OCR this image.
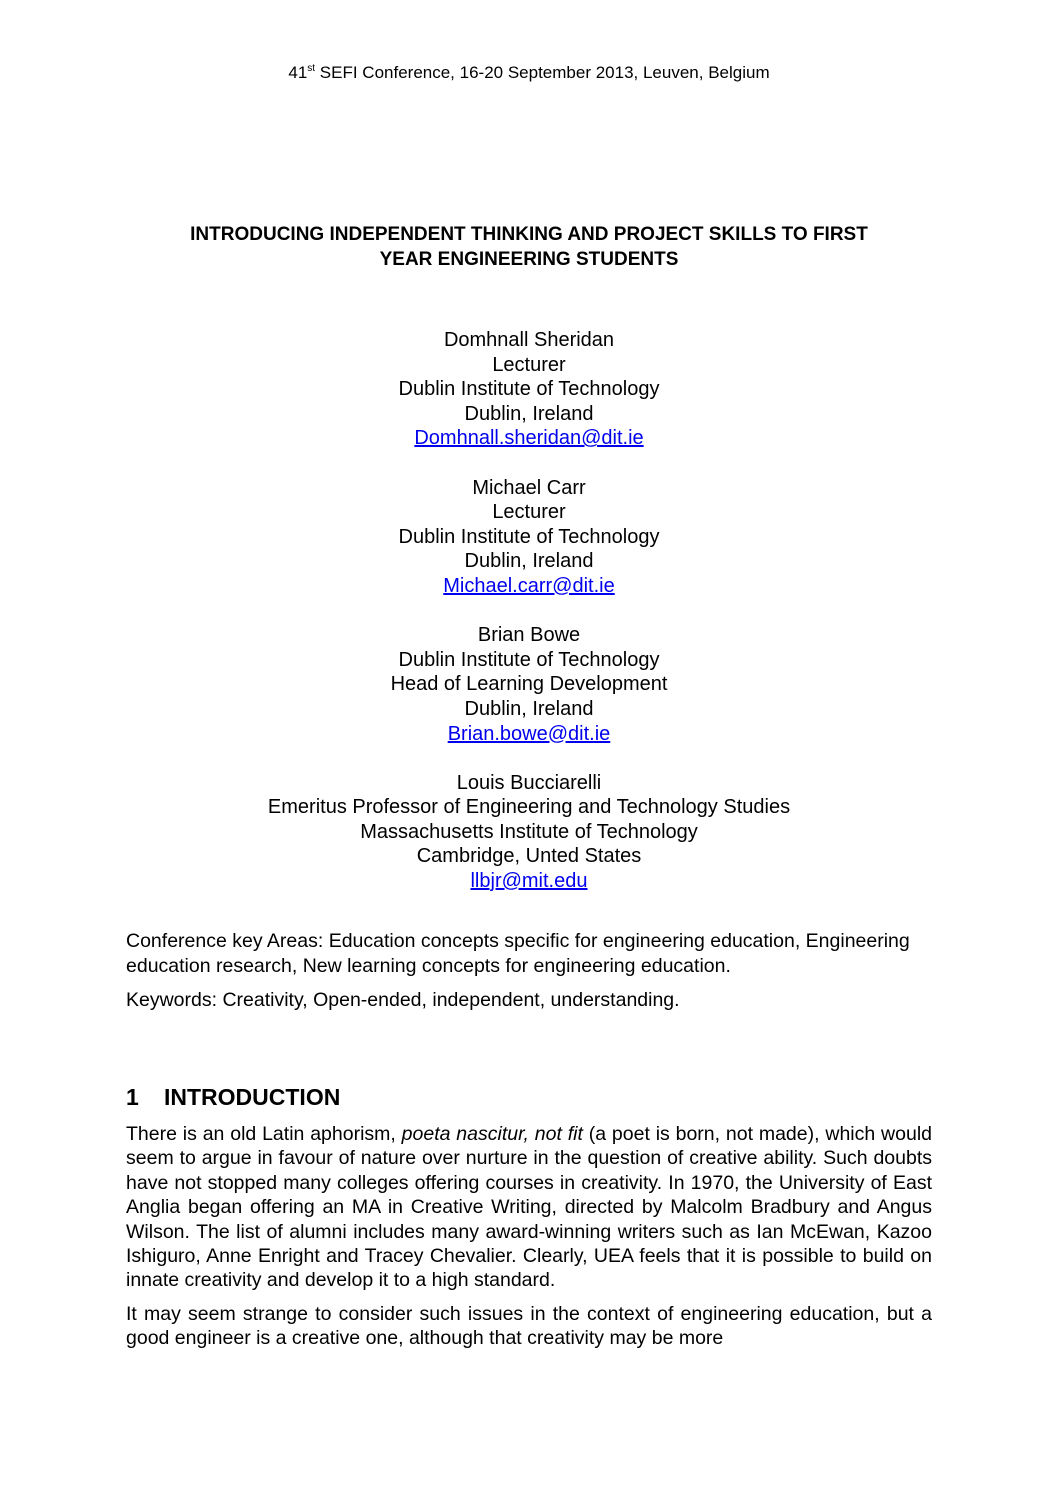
41st SEFI Conference, 16-20 September 2013, Leuven, Belgium
INTRODUCING INDEPENDENT THINKING AND PROJECT SKILLS TO FIRST
YEAR ENGINEERING STUDENTS
Domhnall Sheridan
Lecturer
Dublin Institute of Technology
Dublin, Ireland
Domhnall.sheridan@dit.ie
Michael Carr
Lecturer
Dublin Institute of Technology
Dublin, Ireland
Michael.carr@dit.ie
Brian Bowe
Dublin Institute of Technology
Head of Learning Development
Dublin, Ireland
Brian.bowe@dit.ie
Louis Bucciarelli
Emeritus Professor of Engineering and Technology Studies
Massachusetts Institute of Technology
Cambridge, Unted States
llbjr@mit.edu

Conference key Areas: Education concepts specific for engineering education, Engineering education research, New learning concepts for engineering education.

Keywords: Creativity, Open-ended, independent, understanding.

1 INTRODUCTION

There is an old Latin aphorism, poeta nascitur, not fit (a poet is born, not made), which would seem to argue in favour of nature over nurture in the question of creative ability. Such doubts have not stopped many colleges offering courses in creativity. In 1970, the University of East Anglia began offering an MA in Creative Writing, directed by Malcolm Bradbury and Angus Wilson. The list of alumni includes many award-winning writers such as Ian McEwan, Kazoo Ishiguro, Anne Enright and Tracey Chevalier. Clearly, UEA feels that it is possible to build on innate creativity and develop it to a high standard.

It may seem strange to consider such issues in the context of engineering education, but a good engineer is a creative one, although that creativity may be more
